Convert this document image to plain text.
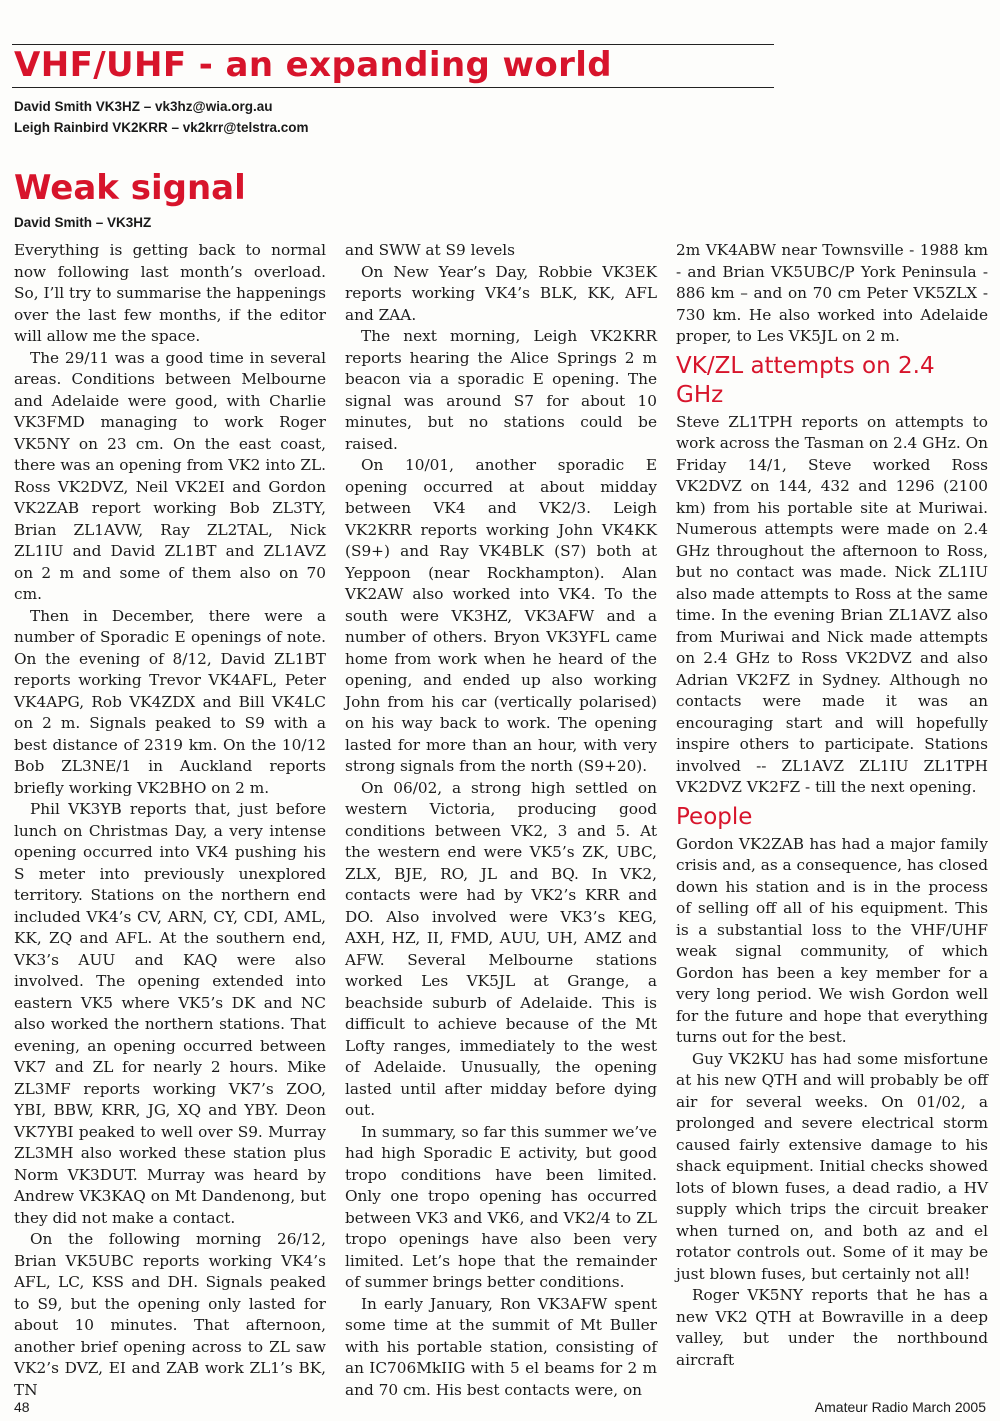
VHF/UHF - an expanding world
David Smith VK3HZ – vk3hz@wia.org.au
Leigh Rainbird VK2KRR – vk2krr@telstra.com
Weak signal
David Smith – VK3HZ

Everything is getting back to normal now following last month’s overload. So, I’ll try to summarise the happenings over the last few months, if the editor will allow me the space.

The 29/11 was a good time in several areas. Conditions between Melbourne and Adelaide were good, with Charlie VK3FMD managing to work Roger VK5NY on 23 cm. On the east coast, there was an opening from VK2 into ZL. Ross VK2DVZ, Neil VK2EI and Gordon VK2ZAB report working Bob ZL3TY, Brian ZL1AVW, Ray ZL2TAL, Nick ZL1IU and David ZL1BT and ZL1AVZ on 2 m and some of them also on 70 cm.

Then in December, there were a number of Sporadic E openings of note. On the evening of 8/12, David ZL1BT reports working Trevor VK4AFL, Peter VK4APG, Rob VK4ZDX and Bill VK4LC on 2 m. Signals peaked to S9 with a best distance of 2319 km. On the 10/12 Bob ZL3NE/1 in Auckland reports briefly working VK2BHO on 2 m.

Phil VK3YB reports that, just before lunch on Christmas Day, a very intense opening occurred into VK4 pushing his S meter into previously unexplored territory. Stations on the northern end included VK4’s CV, ARN, CY, CDI, AML, KK, ZQ and AFL. At the southern end, VK3’s AUU and KAQ were also involved. The opening extended into eastern VK5 where VK5’s DK and NC also worked the northern stations. That evening, an opening occurred between VK7 and ZL for nearly 2 hours. Mike ZL3MF reports working VK7’s ZOO, YBI, BBW, KRR, JG, XQ and YBY. Deon VK7YBI peaked to well over S9. Murray ZL3MH also worked these station plus Norm VK3DUT. Murray was heard by Andrew VK3KAQ on Mt Dandenong, but they did not make a contact.

On the following morning 26/12, Brian VK5UBC reports working VK4’s AFL, LC, KSS and DH. Signals peaked to S9, but the opening only lasted for about 10 minutes. That afternoon, another brief opening across to ZL saw VK2’s DVZ, EI and ZAB work ZL1’s BK, TN

and SWW at S9 levels

On New Year’s Day, Robbie VK3EK reports working VK4’s BLK, KK, AFL and ZAA.

The next morning, Leigh VK2KRR reports hearing the Alice Springs 2 m beacon via a sporadic E opening. The signal was around S7 for about 10 minutes, but no stations could be raised.

On 10/01, another sporadic E opening occurred at about midday between VK4 and VK2/3. Leigh VK2KRR reports working John VK4KK (S9+) and Ray VK4BLK (S7) both at Yeppoon (near Rockhampton). Alan VK2AW also worked into VK4. To the south were VK3HZ, VK3AFW and a number of others. Bryon VK3YFL came home from work when he heard of the opening, and ended up also working John from his car (vertically polarised) on his way back to work. The opening lasted for more than an hour, with very strong signals from the north (S9+20).

On 06/02, a strong high settled on western Victoria, producing good conditions between VK2, 3 and 5. At the western end were VK5’s ZK, UBC, ZLX, BJE, RO, JL and BQ. In VK2, contacts were had by VK2’s KRR and DO. Also involved were VK3’s KEG, AXH, HZ, II, FMD, AUU, UH, AMZ and AFW. Several Melbourne stations worked Les VK5JL at Grange, a beachside suburb of Adelaide. This is difficult to achieve because of the Mt Lofty ranges, immediately to the west of Adelaide. Unusually, the opening lasted until after midday before dying out.

In summary, so far this summer we’ve had high Sporadic E activity, but good tropo conditions have been limited. Only one tropo opening has occurred between VK3 and VK6, and VK2/4 to ZL tropo openings have also been very limited. Let’s hope that the remainder of summer brings better conditions.

In early January, Ron VK3AFW spent some time at the summit of Mt Buller with his portable station, consisting of an IC706MkIIG with 5 el beams for 2 m and 70 cm. His best contacts were, on

2m VK4ABW near Townsville - 1988 km - and Brian VK5UBC/P York Peninsula - 886 km – and on 70 cm Peter VK5ZLX - 730 km. He also worked into Adelaide proper, to Les VK5JL on 2 m.

VK/ZL attempts on 2.4 GHz

Steve ZL1TPH reports on attempts to work across the Tasman on 2.4 GHz. On Friday 14/1, Steve worked Ross VK2DVZ on 144, 432 and 1296 (2100 km) from his portable site at Muriwai. Numerous attempts were made on 2.4 GHz throughout the afternoon to Ross, but no contact was made. Nick ZL1IU also made attempts to Ross at the same time. In the evening Brian ZL1AVZ also from Muriwai and Nick made attempts on 2.4 GHz to Ross VK2DVZ and also Adrian VK2FZ in Sydney. Although no contacts were made it was an encouraging start and will hopefully inspire others to participate. Stations involved -- ZL1AVZ ZL1IU ZL1TPH VK2DVZ VK2FZ - till the next opening.

People

Gordon VK2ZAB has had a major family crisis and, as a consequence, has closed down his station and is in the process of selling off all of his equipment. This is a substantial loss to the VHF/UHF weak signal community, of which Gordon has been a key member for a very long period. We wish Gordon well for the future and hope that everything turns out for the best.

Guy VK2KU has had some misfortune at his new QTH and will probably be off air for several weeks. On 01/02, a prolonged and severe electrical storm caused fairly extensive damage to his shack equipment. Initial checks showed lots of blown fuses, a dead radio, a HV supply which trips the circuit breaker when turned on, and both az and el rotator controls out. Some of it may be just blown fuses, but certainly not all!

Roger VK5NY reports that he has a new VK2 QTH at Bowraville in a deep valley, but under the northbound aircraft

48	Amateur Radio March 2005
